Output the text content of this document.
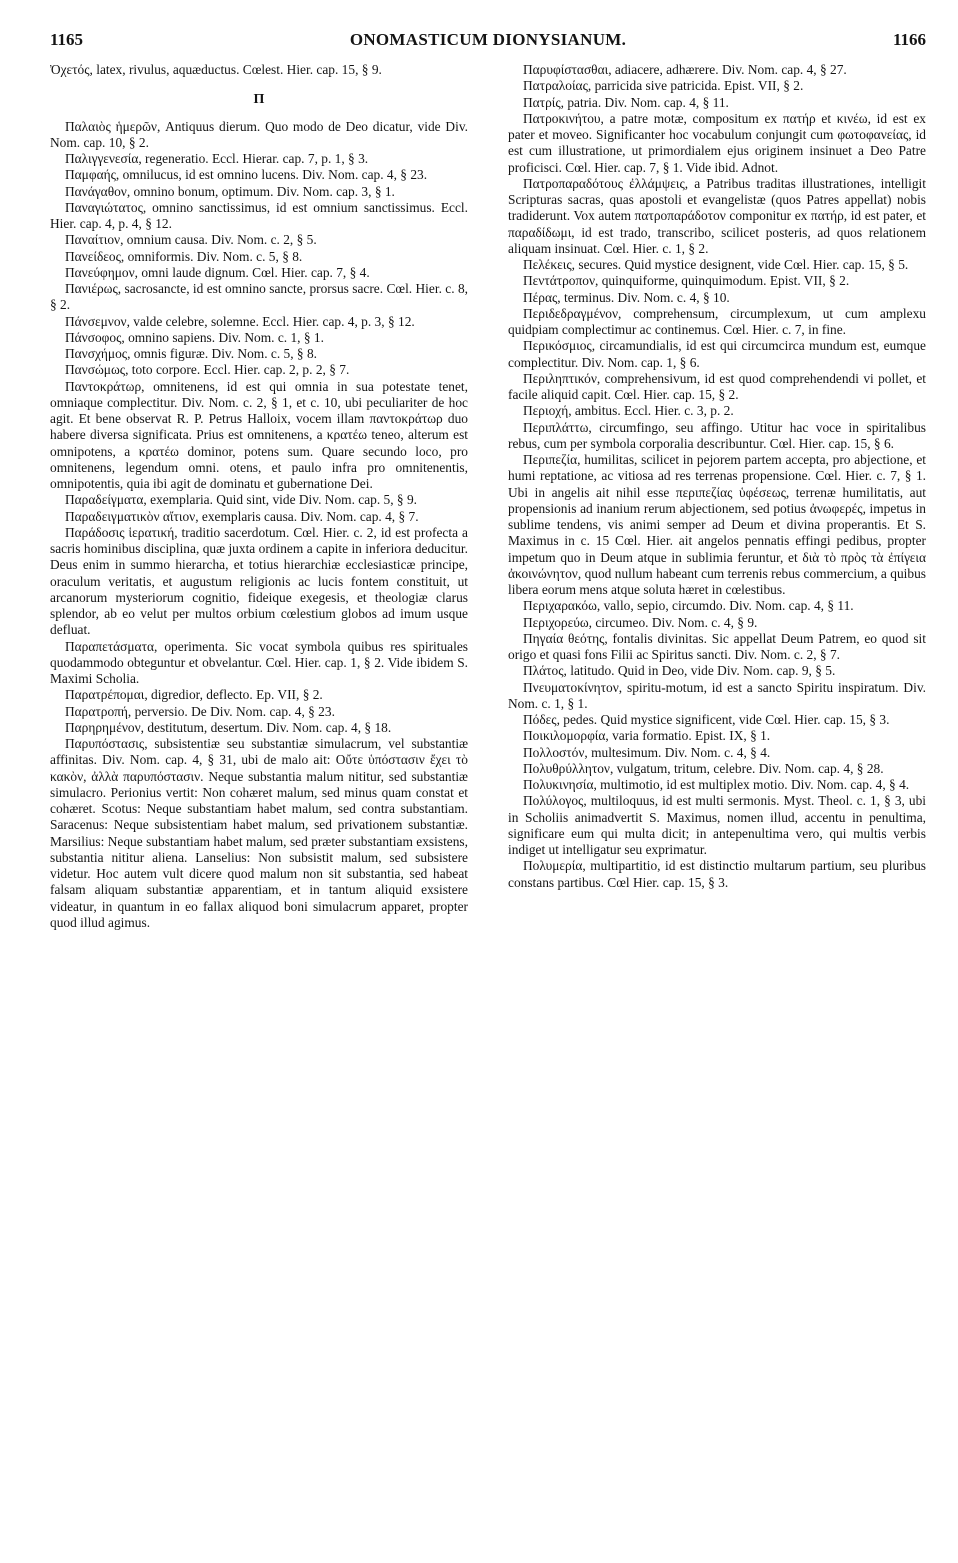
1165	ONOMASTICUM DIONYSIANUM.	1166

Ὀχετός, latex, rivulus, aquæductus. Cœlest. Hier. cap. 15, § 9.

Π

Παλαιὸς ἡμερῶν, Antiquus dierum. Quo modo de Deo dicatur, vide Div. Nom. cap. 10, § 2.

Παλιγγενεσία, regeneratio. Eccl. Hierar. cap. 7, p. 1, § 3.

Παμφαής, omnilucus, id est omnino lucens. Div. Nom. cap. 4, § 23.

Πανάγαθον, omnino bonum, optimum. Div. Nom. cap. 3, § 1.

Παναγιώτατος, omnino sanctissimus, id est omnium sanctissimus. Eccl. Hier. cap. 4, p. 4, § 12.

Παναίτιον, omnium causa. Div. Nom. c. 2, § 5.

Πανείδεος, omniformis. Div. Nom. c. 5, § 8.

Πανεύφημον, omni laude dignum. Cœl. Hier. cap. 7, § 4.

Πανιέρως, sacrosancte, id est omnino sancte, prorsus sacre. Cœl. Hier. c. 8, § 2.

Πάνσεμνον, valde celebre, solemne. Eccl. Hier. cap. 4, p. 3, § 12.

Πάνσοφος, omnino sapiens. Div. Nom. c. 1, § 1.

Πανσχήμος, omnis figuræ. Div. Nom. c. 5, § 8.

Πανσώμως, toto corpore. Eccl. Hier. cap. 2, p. 2, § 7.

Παντοκράτωρ, omnitenens, id est qui omnia in sua potestate tenet, omniaque complectitur. Div. Nom. c. 2, § 1, et c. 10, ubi peculiariter de hoc agit. Et bene observat R. P. Petrus Halloix, vocem illam παντοκράτωρ duo habere diversa significata. Prius est omnitenens, a κρατέω teneo, alterum est omnipotens, a κρατέω dominor, potens sum. Quare secundo loco, pro omnitenens, legendum omni. otens, et paulo infra pro omnitenentis, omnipotentis, quia ibi agit de dominatu et gubernatione Dei.

Παραδείγματα, exemplaria. Quid sint, vide Div. Nom. cap. 5, § 9.

Παραδειγματικὸν αἴτιον, exemplaris causa. Div. Nom. cap. 4, § 7.

Παράδοσις ἱερατική, traditio sacerdotum. Cœl. Hier. c. 2, id est profecta a sacris hominibus disciplina, quæ juxta ordinem a capite in inferiora deducitur. Deus enim in summo hierarcha, et totius hierarchiæ ecclesiasticæ principe, oraculum veritatis, et augustum religionis ac lucis fontem constituit, ut arcanorum mysteriorum cognitio, fideique exegesis, et theologiæ clarus splendor, ab eo velut per multos orbium cœlestium globos ad imum usque defluat.

Παραπετάσματα, operimenta. Sic vocat symbola quibus res spirituales quodammodo obteguntur et obvelantur. Cœl. Hier. cap. 1, § 2. Vide ibidem S. Maximi Scholia.

Παρατρέπομαι, digredior, deflecto. Ep. VII, § 2.

Παρατροπή, perversio. De Div. Nom. cap. 4, § 23.

Παρηρημένον, destitutum, desertum. Div. Nom. cap. 4, § 18.

Παρυπόστασις, subsistentiæ seu substantiæ simulacrum, vel substantiæ affinitas. Div. Nom. cap. 4, § 31, ubi de malo ait: Οὔτε ὑπόστασιν ἔχει τὸ κακὸν, ἀλλὰ παρυπόστασιν. Neque substantia malum nititur, sed substantiæ simulacro. Perionius vertit: Non cohæret malum, sed minus quam constat et cohæret. Scotus: Neque substantiam habet malum, sed contra substantiam. Saracenus: Neque subsistentiam habet malum, sed privationem substantiæ. Marsilius: Neque substantiam habet malum, sed præter substantiam exsistens, substantia nititur aliena. Lanselius: Non subsistit malum, sed subsistere videtur. Hoc autem vult dicere quod malum non sit substantia, sed habeat falsam aliquam substantiæ apparentiam, et in tantum aliquid exsistere videatur, in quantum in eo fallax aliquod boni simulacrum apparet, propter quod illud agimus.

Παρυφίστασθαι, adiacere, adhærere. Div. Nom. cap. 4, § 27.

Πατραλοίας, parricida sive patricida. Epist. VII, § 2.

Πατρίς, patria. Div. Nom. cap. 4, § 11.

Πατροκινήτου, a patre motæ, compositum ex πατήρ et κινέω, id est ex pater et moveo. Significanter hoc vocabulum conjungit cum φωτοφανείας, id est cum illustratione, ut primordialem ejus originem insinuet a Deo Patre proficisci. Cœl. Hier. cap. 7, § 1. Vide ibid. Adnot.

Πατροπαραδότους ἐλλάμψεις, a Patribus traditas illustrationes, intelligit Scripturas sacras, quas apostoli et evangelistæ (quos Patres appellat) nobis tradiderunt. Vox autem πατροπαράδοτον componitur ex πατήρ, id est pater, et παραδίδωμι, id est trado, transcribo, scilicet posteris, ad quos relationem aliquam insinuat. Cœl. Hier. c. 1, § 2.

Πελέκεις, secures. Quid mystice designent, vide Cœl. Hier. cap. 15, § 5.

Πεντάτροπον, quinquiforme, quinquimodum. Epist. VII, § 2.

Πέρας, terminus. Div. Nom. c. 4, § 10.

Περιδεδραγμένον, comprehensum, circumplexum, ut cum amplexu quidpiam complectimur ac continemus. Cœl. Hier. c. 7, in fine.

Περικόσμιος, circamundialis, id est qui circumcirca mundum est, eumque complectitur. Div. Nom. cap. 1, § 6.

Περιληπτικόν, comprehensivum, id est quod comprehendendi vi pollet, et facile aliquid capit. Cœl. Hier. cap. 15, § 2.

Περιοχή, ambitus. Eccl. Hier. c. 3, p. 2.

Περιπλάττω, circumfingo, seu affingo. Utitur hac voce in spiritalibus rebus, cum per symbola corporalia describuntur. Cœl. Hier. cap. 15, § 6.

Περιπεζία, humilitas, scilicet in pejorem partem accepta, pro abjectione, et humi reptatione, ac vitiosa ad res terrenas propensione. Cœl. Hier. c. 7, § 1. Ubi in angelis ait nihil esse περιπεζίας ὑφέσεως, terrenæ humilitatis, aut propensionis ad inanium rerum abjectionem, sed potius ἀνωφερές, impetus in sublime tendens, vis animi semper ad Deum et divina properantis. Et S. Maximus in c. 15 Cœl. Hier. ait angelos pennatis effingi pedibus, propter impetum quo in Deum atque in sublimia feruntur, et διὰ τὸ πρὸς τὰ ἐπίγεια ἀκοινώνητον, quod nullum habeant cum terrenis rebus commercium, a quibus libera eorum mens atque soluta hæret in cœlestibus.

Περιχαρακόω, vallo, sepio, circumdo. Div. Nom. cap. 4, § 11.

Περιχορεύω, circumeo. Div. Nom. c. 4, § 9.

Πηγαία θεότης, fontalis divinitas. Sic appellat Deum Patrem, eo quod sit origo et quasi fons Filii ac Spiritus sancti. Div. Nom. c. 2, § 7.

Πλάτος, latitudo. Quid in Deo, vide Div. Nom. cap. 9, § 5.

Πνευματοκίνητον, spiritu-motum, id est a sancto Spiritu inspiratum. Div. Nom. c. 1, § 1.

Πόδες, pedes. Quid mystice significent, vide Cœl. Hier. cap. 15, § 3.

Ποικιλομορφία, varia formatio. Epist. IX, § 1.

Πολλοστόν, multesimum. Div. Nom. c. 4, § 4.

Πολυθρύλλητον, vulgatum, tritum, celebre. Div. Nom. cap. 4, § 28.

Πολυκινησία, multimotio, id est multiplex motio. Div. Nom. cap. 4, § 4.

Πολύλογος, multiloquus, id est multi sermonis. Myst. Theol. c. 1, § 3, ubi in Scholiis animadvertit S. Maximus, nomen illud, accentu in penultima, significare eum qui multa dicit; in antepenultima vero, qui multis verbis indiget ut intelligatur seu exprimatur.

Πολυμερία, multipartitio, id est distinctio multarum partium, seu pluribus constans partibus. Cœl Hier. cap. 15, § 3.
